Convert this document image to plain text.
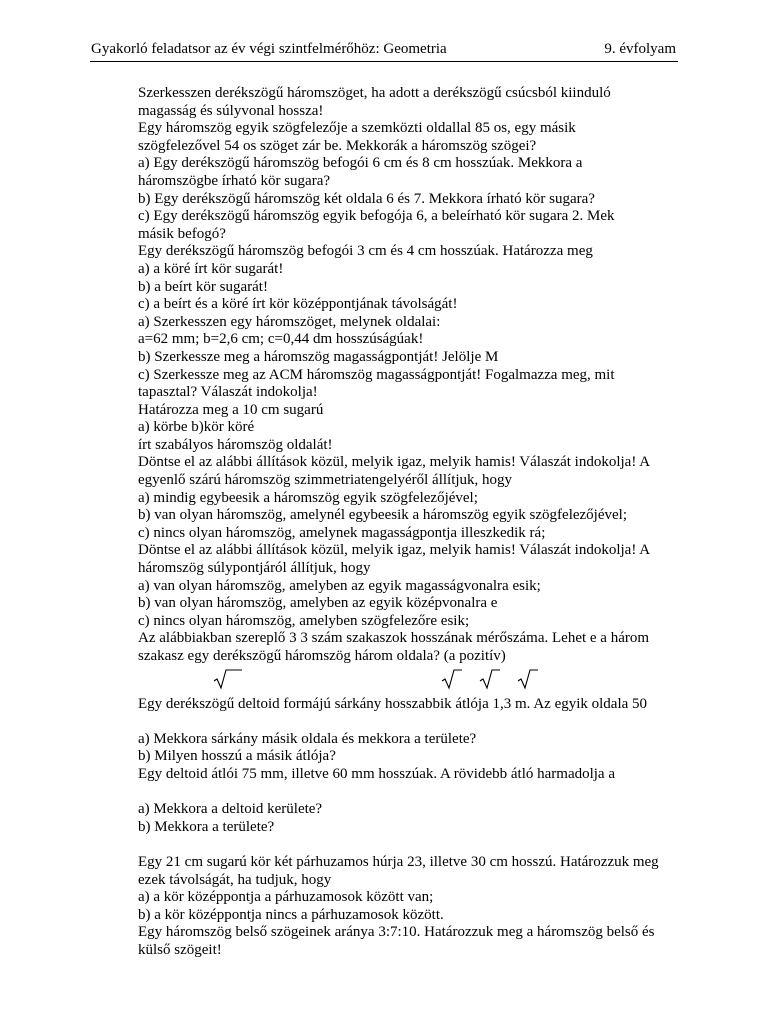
Gyakorló feladatsor az év végi szintfelmérőhöz: Geometria	9. évfolyam
Szerkesszen derékszögű háromszöget, ha adott a derékszögű csúcsból kiinduló
magasság és súlyvonal hossza!
Egy háromszög egyik szögfelezője a szemközti oldallal 85 os, egy másik
szögfelezővel 54 os szöget zár be. Mekkorák a háromszög szögei?
a) Egy derékszögű háromszög befogói 6 cm és 8 cm hosszúak. Mekkora a
háromszögbe írható kör sugara?
b) Egy derékszögű háromszög két oldala 6 és 7. Mekkora írható kör sugara?
c) Egy derékszögű háromszög egyik befogója 6, a beleírható kör sugara 2. Mek
másik befogó?
Egy derékszögű háromszög befogói 3 cm és 4 cm hosszúak. Határozza meg
a) a köré írt kör sugarát!
b) a beírt kör sugarát!
c) a beírt és a köré írt kör középpontjának távolságát!
a) Szerkesszen egy háromszöget, melynek oldalai:
a=62 mm; b=2,6 cm; c=0,44 dm hosszúságúak!
b) Szerkessze meg a háromszög magasságpontját! Jelölje M
c) Szerkessze meg az ACM háromszög magasságpontját! Fogalmazza meg, mit
tapasztal? Válaszát indokolja!
Határozza meg a 10 cm sugarú
a) körbe b)kör köré
írt szabályos háromszög oldalát!
Döntse el az alábbi állítások közül, melyik igaz, melyik hamis! Válaszát indokolja! A
egyenlő szárú háromszög szimmetriatengelyéről állítjuk, hogy
a) mindig egybeesik a háromszög egyik szögfelezőjével;
b) van olyan háromszög, amelynél egybeesik a háromszög egyik szögfelezőjével;
c) nincs olyan háromszög, amelynek magasságpontja illeszkedik rá;
Döntse el az alábbi állítások közül, melyik igaz, melyik hamis! Válaszát indokolja! A
háromszög súlypontjáról állítjuk, hogy
a) van olyan háromszög, amelyben az egyik magasságvonalra esik;
b) van olyan háromszög, amelyben az egyik középvonalra e
c) nincs olyan háromszög, amelyben szögfelezőre esik;
Az alábbiakban szereplő 3 3 szám szakaszok hosszának mérőszáma. Lehet e a három
szakasz egy derékszögű háromszög három oldala? (a pozitív)
Egy derékszögű deltoid formájú sárkány hosszabbik átlója 1,3 m. Az egyik oldala 50
a) Mekkora sárkány másik oldala és mekkora a területe?
b) Milyen hosszú a másik átlója?
Egy deltoid átlói 75 mm, illetve 60 mm hosszúak. A rövidebb átló harmadolja a
a) Mekkora a deltoid kerülete?
b) Mekkora a területe?
Egy 21 cm sugarú kör két párhuzamos húrja 23, illetve 30 cm hosszú. Határozzuk meg
ezek távolságát, ha tudjuk, hogy
a) a kör középpontja a párhuzamosok között van;
b) a kör középpontja nincs a párhuzamosok között.
Egy háromszög belső szögeinek aránya 3:7:10. Határozzuk meg a háromszög belső és
külső szögeit!
